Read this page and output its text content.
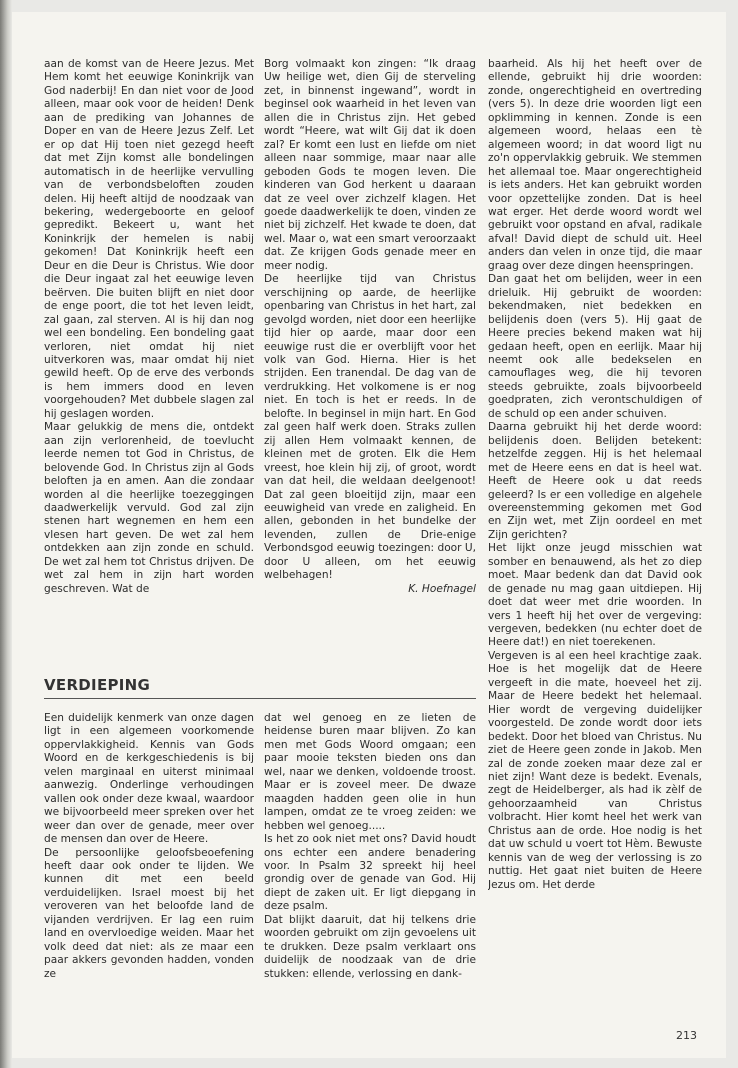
aan de komst van de Heere Jezus. Met Hem komt het eeuwige Koninkrijk van God naderbij! En dan niet voor de Jood alleen, maar ook voor de heiden! Denk aan de prediking van Johannes de Doper en van de Heere Jezus Zelf. Let er op dat Hij toen niet gezegd heeft dat met Zijn komst alle bondelingen automatisch in de heerlijke vervulling van de verbondsbeloften zouden delen. Hij heeft altijd de noodzaak van bekering, wedergeboorte en geloof gepredikt. Bekeert u, want het Koninkrijk der hemelen is nabij gekomen! Dat Koninkrijk heeft een Deur en die Deur is Christus. Wie door die Deur ingaat zal het eeuwige leven beërven. Die buiten blijft en niet door de enge poort, die tot het leven leidt, zal gaan, zal sterven. Al is hij dan nog wel een bondeling. Een bondeling gaat verloren, niet omdat hij niet uitverkoren was, maar omdat hij niet gewild heeft. Op de erve des verbonds is hem immers dood en leven voorgehouden? Met dubbele slagen zal hij geslagen worden.

Maar gelukkig de mens die, ontdekt aan zijn verlorenheid, de toevlucht leerde nemen tot God in Christus, de belovende God. In Christus zijn al Gods beloften ja en amen. Aan die zondaar worden al die heerlijke toezeggingen daadwerkelijk vervuld. God zal zijn stenen hart wegnemen en hem een vlesen hart geven. De wet zal hem ontdekken aan zijn zonde en schuld. De wet zal hem tot Christus drijven. De wet zal hem in zijn hart worden geschreven. Wat de

Borg volmaakt kon zingen: “Ik draag Uw heilige wet, dien Gij de sterveling zet, in binnenst ingewand”, wordt in beginsel ook waarheid in het leven van allen die in Christus zijn. Het gebed wordt “Heere, wat wilt Gij dat ik doen zal? Er komt een lust en liefde om niet alleen naar sommige, maar naar alle geboden Gods te mogen leven. Die kinderen van God herkent u daaraan dat ze veel over zichzelf klagen. Het goede daadwerkelijk te doen, vinden ze niet bij zichzelf. Het kwade te doen, dat wel. Maar o, wat een smart veroorzaakt dat. Ze krijgen Gods genade meer en meer nodig.

De heerlijke tijd van Christus verschijning op aarde, de heerlijke openbaring van Christus in het hart, zal gevolgd worden, niet door een heerlijke tijd hier op aarde, maar door een eeuwige rust die er overblijft voor het volk van God. Hierna. Hier is het strijden. Een tranendal. De dag van de verdrukking. Het volkomene is er nog niet. En toch is het er reeds. In de belofte. In beginsel in mijn hart. En God zal geen half werk doen. Straks zullen zij allen Hem volmaakt kennen, de kleinen met de groten. Elk die Hem vreest, hoe klein hij zij, of groot, wordt van dat heil, die weldaan deelgenoot! Dat zal geen bloeitijd zijn, maar een eeuwigheid van vrede en zaligheid. En allen, gebonden in het bundelke der levenden, zullen de Drie-enige Verbondsgod eeuwig toezingen: door U, door U alleen, om het eeuwig welbehagen!

K. Hoefnagel

baarheid. Als hij het heeft over de ellende, gebruikt hij drie woorden: zonde, ongerechtigheid en overtreding (vers 5). In deze drie woorden ligt een opklimming in kennen. Zonde is een algemeen woord, helaas een tè algemeen woord; in dat woord ligt nu zo'n oppervlakkig gebruik. We stemmen het allemaal toe. Maar ongerechtigheid is iets anders. Het kan gebruikt worden voor opzettelijke zonden. Dat is heel wat erger. Het derde woord wordt wel gebruikt voor opstand en afval, radikale afval! David diept de schuld uit. Heel anders dan velen in onze tijd, die maar graag over deze dingen heenspringen.

Dan gaat het om belijden, weer in een drieluik. Hij gebruikt de woorden: bekendmaken, niet bedekken en belijdenis doen (vers 5). Hij gaat de Heere precies bekend maken wat hij gedaan heeft, open en eerlijk. Maar hij neemt ook alle bedekselen en camouflages weg, die hij tevoren steeds gebruikte, zoals bijvoorbeeld goedpraten, zich verontschuldigen of de schuld op een ander schuiven.

Daarna gebruikt hij het derde woord: belijdenis doen. Belijden betekent: hetzelfde zeggen. Hij is het helemaal met de Heere eens en dat is heel wat. Heeft de Heere ook u dat reeds geleerd? Is er een volledige en algehele overeenstemming gekomen met God en Zijn wet, met Zijn oordeel en met Zijn gerichten?

Het lijkt onze jeugd misschien wat somber en benauwend, als het zo diep moet. Maar bedenk dan dat David ook de genade nu mag gaan uitdiepen. Hij doet dat weer met drie woorden. In vers 1 heeft hij het over de vergeving: vergeven, bedekken (nu echter doet de Heere dat!) en niet toerekenen.

Vergeven is al een heel krachtige zaak. Hoe is het mogelijk dat de Heere vergeeft in die mate, hoeveel het zij. Maar de Heere bedekt het helemaal. Hier wordt de vergeving duidelijker voorgesteld. De zonde wordt door iets bedekt. Door het bloed van Christus. Nu ziet de Heere geen zonde in Jakob. Men zal de zonde zoeken maar deze zal er niet zijn! Want deze is bedekt. Evenals, zegt de Heidelberger, als had ik zèlf de gehoorzaamheid van Christus volbracht. Hier komt heel het werk van Christus aan de orde. Hoe nodig is het dat uw schuld u voert tot Hèm. Bewuste kennis van de weg der verlossing is zo nuttig. Het gaat niet buiten de Heere Jezus om. Het derde

VERDIEPING

Een duidelijk kenmerk van onze dagen ligt in een algemeen voorkomende oppervlakkigheid. Kennis van Gods Woord en de kerkgeschiedenis is bij velen marginaal en uiterst minimaal aanwezig. Onderlinge verhoudingen vallen ook onder deze kwaal, waardoor we bijvoorbeeld meer spreken over het weer dan over de genade, meer over de mensen dan over de Heere.

De persoonlijke geloofsbeoefening heeft daar ook onder te lijden. We kunnen dit met een beeld verduidelijken. Israel moest bij het veroveren van het beloofde land de vijanden verdrijven. Er lag een ruim land en overvloedige weiden. Maar het volk deed dat niet: als ze maar een paar akkers gevonden hadden, vonden ze

dat wel genoeg en ze lieten de heidense buren maar blijven. Zo kan men met Gods Woord omgaan; een paar mooie teksten bieden ons dan wel, naar we denken, voldoende troost. Maar er is zoveel meer. De dwaze maagden hadden geen olie in hun lampen, omdat ze te vroeg zeiden: we hebben wel genoeg.....

Is het zo ook niet met ons? David houdt ons echter een andere benadering voor. In Psalm 32 spreekt hij heel grondig over de genade van God. Hij diept de zaken uit. Er ligt diepgang in deze psalm.

Dat blijkt daaruit, dat hij telkens drie woorden gebruikt om zijn gevoelens uit te drukken. Deze psalm verklaart ons duidelijk de noodzaak van de drie stukken: ellende, verlossing en dank-

213
